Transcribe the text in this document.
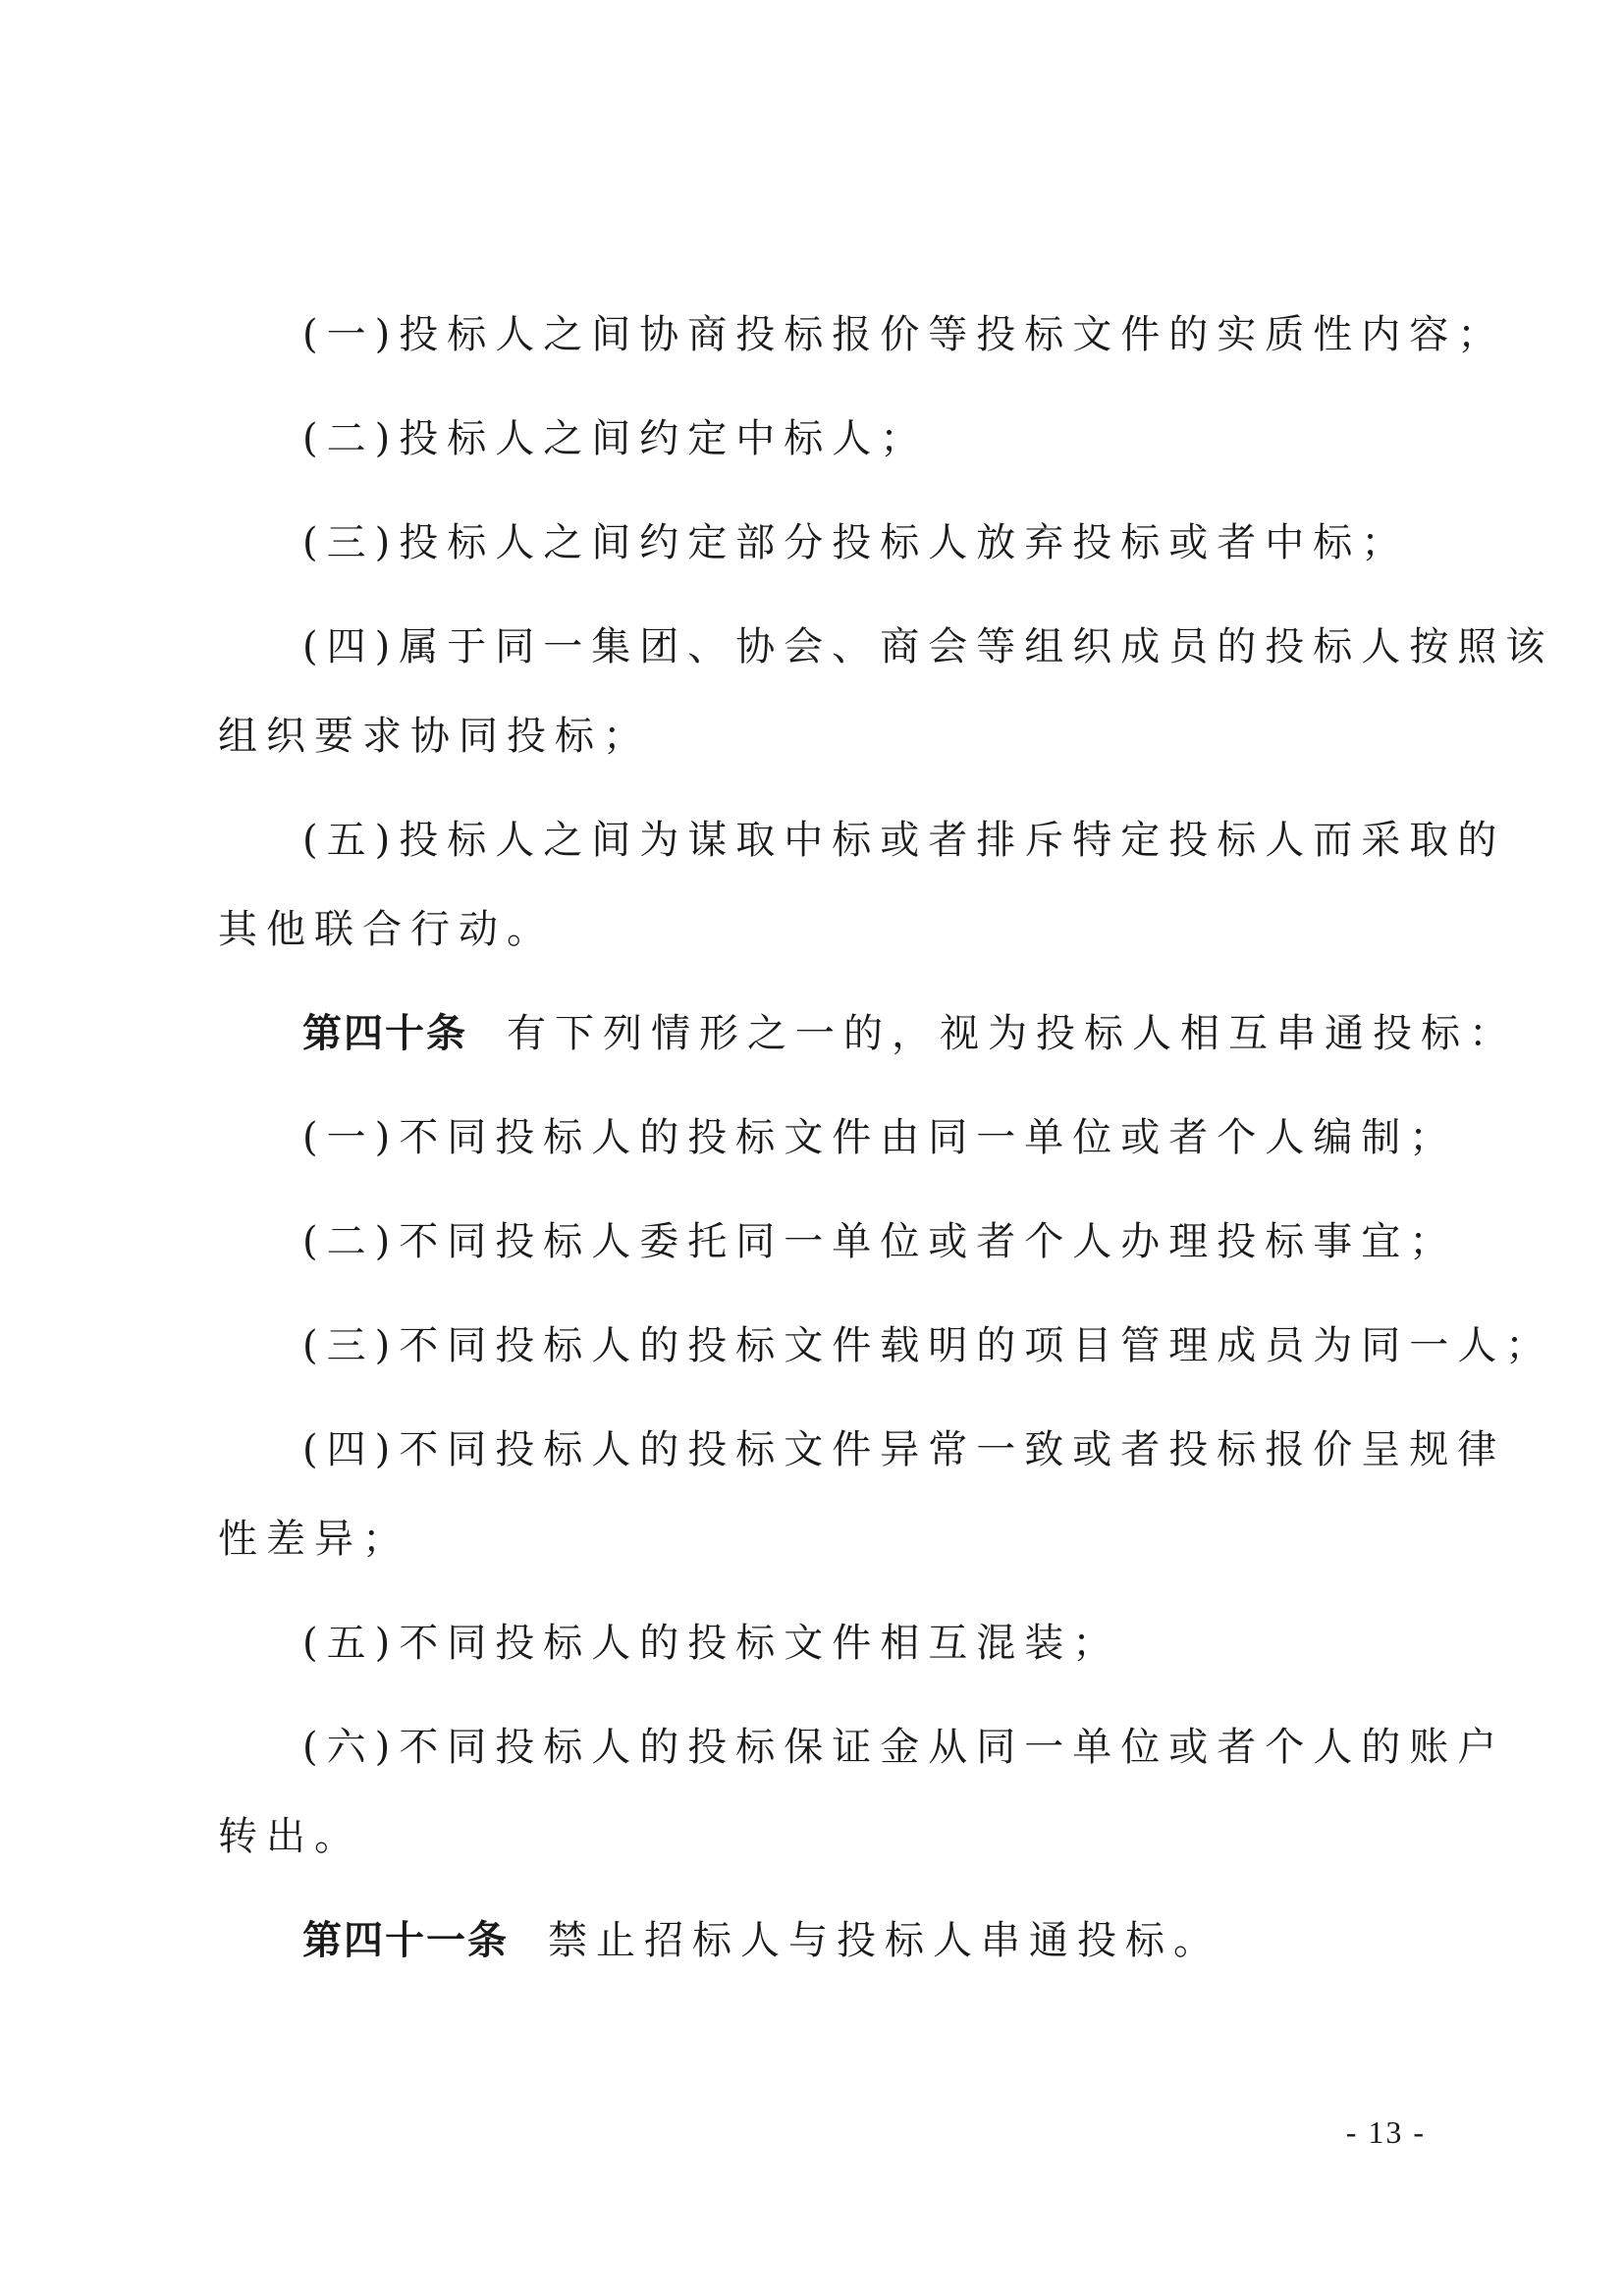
(一)投标人之间协商投标报价等投标文件的实质性内容；
(二)投标人之间约定中标人；
(三)投标人之间约定部分投标人放弃投标或者中标；
(四)属于同一集团、协会、商会等组织成员的投标人按照该
组织要求协同投标；
(五)投标人之间为谋取中标或者排斥特定投标人而采取的
其他联合行动。
第四十条 有下列情形之一的，视为投标人相互串通投标：
(一)不同投标人的投标文件由同一单位或者个人编制；
(二)不同投标人委托同一单位或者个人办理投标事宜；
(三)不同投标人的投标文件载明的项目管理成员为同一人；
(四)不同投标人的投标文件异常一致或者投标报价呈规律
性差异；
(五)不同投标人的投标文件相互混装；
(六)不同投标人的投标保证金从同一单位或者个人的账户
转出。
第四十一条 禁止招标人与投标人串通投标。
- 13 -
